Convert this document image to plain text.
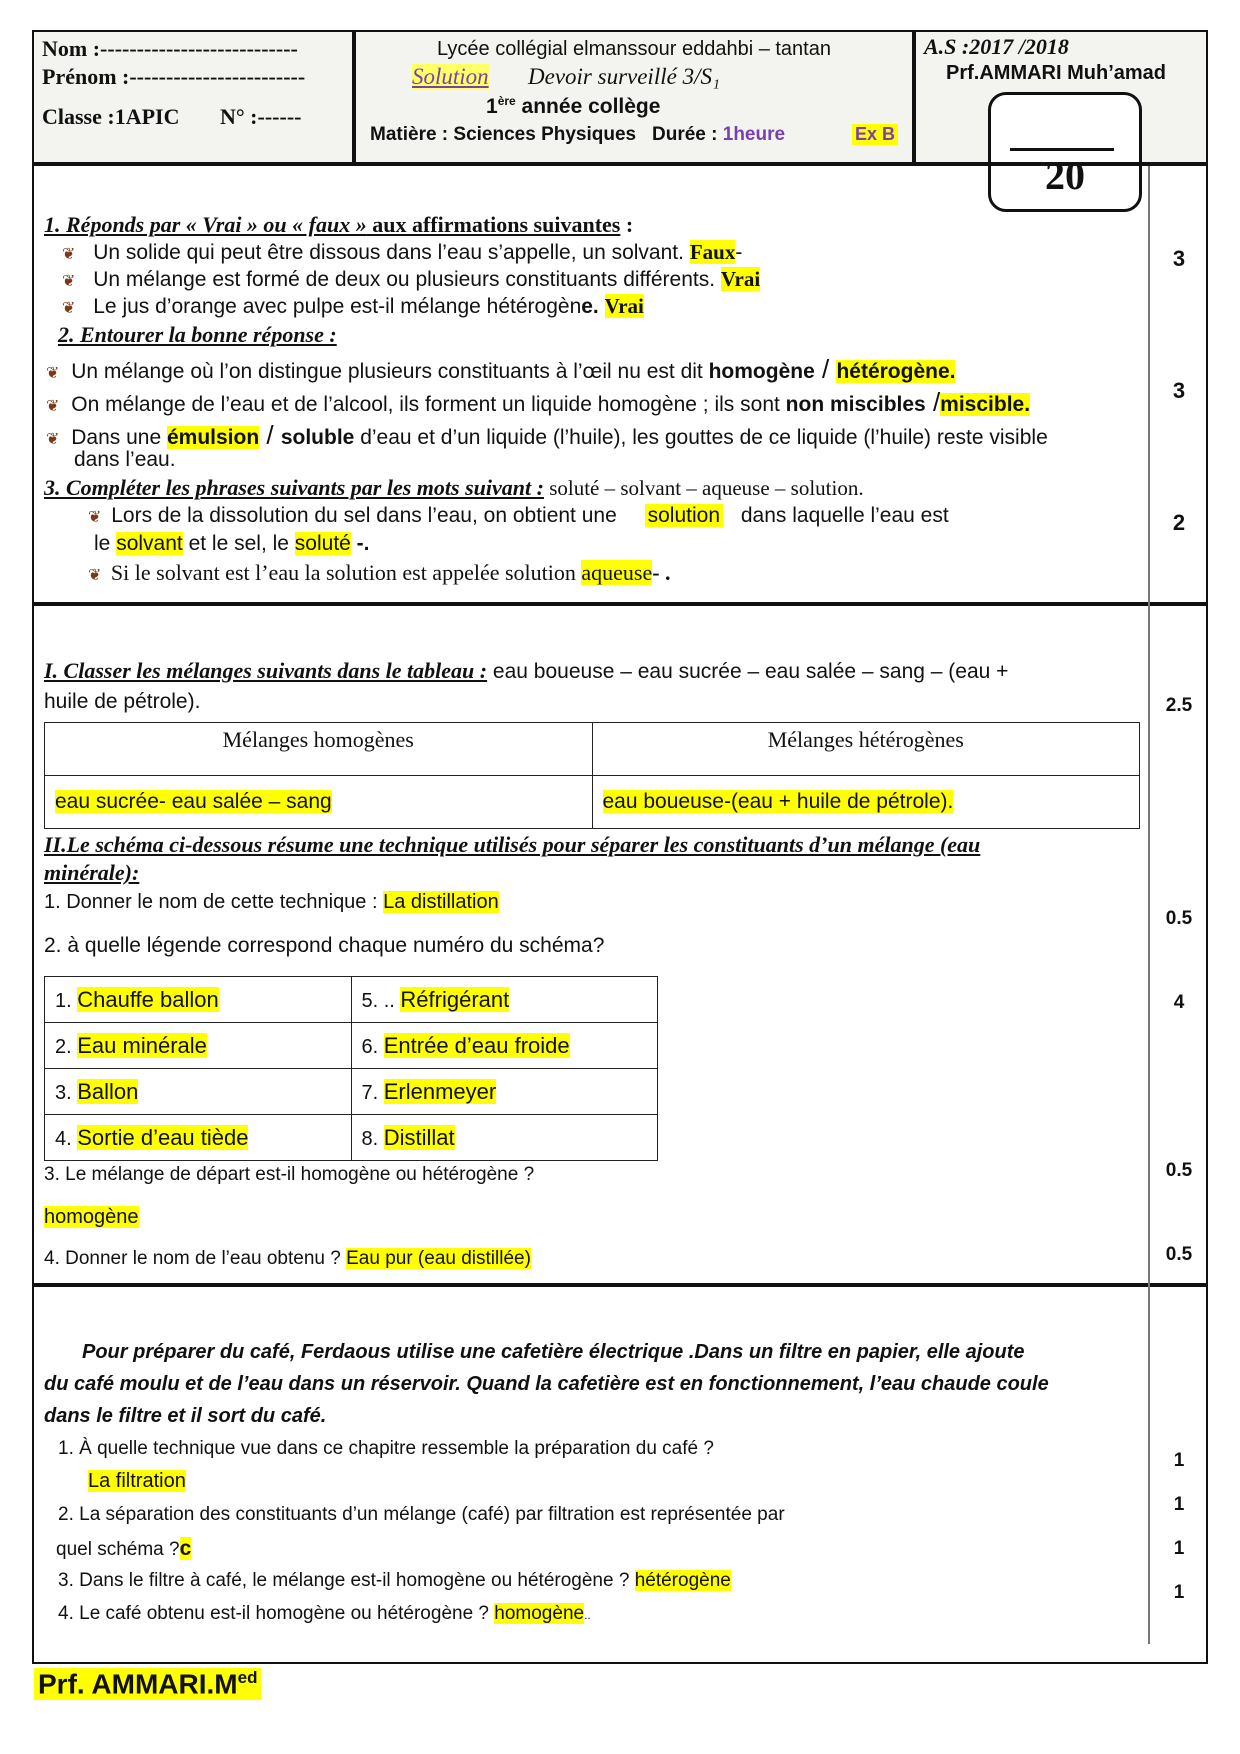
Nom :---------------------------
Prénom :------------------------
Classe :1APIC N° :------
Lycée collégial elmanssour eddahbi – tantan
Solution Devoir surveillé 3/S₁
1ère année collège
Matière : Sciences Physiques Durée : 1heure	Ex B
A.S :2017 /2018
Prf.AMMARI Muh’amad
20
1. Réponds par « Vrai » ou « faux » aux affirmations suivantes :
❦ Un solide qui peut être dissous dans l’eau s’appelle, un solvant. Faux-
❦ Un mélange est formé de deux ou plusieurs constituants différents. Vrai
❦ Le jus d’orange avec pulpe est-il mélange hétérogène. Vrai
2. Entourer la bonne réponse :
❦ Un mélange où l’on distingue plusieurs constituants à l’œil nu est dit homogène / hétérogène.
❦ On mélange de l’eau et de l’alcool, ils forment un liquide homogène ; ils sont non miscibles /miscible.
❦ Dans une émulsion / soluble d’eau et d’un liquide (l’huile), les gouttes de ce liquide (l’huile) reste visible
dans l’eau.
3. Compléter les phrases suivants par les mots suivant : soluté – solvant – aqueuse – solution.
❦ Lors de la dissolution du sel dans l’eau, on obtient une solution dans laquelle l’eau est
le solvant et le sel, le soluté -.
❦ Si le solvant est l’eau la solution est appelée solution aqueuse- .
3
3
2
I. Classer les mélanges suivants dans le tableau : eau boueuse – eau sucrée – eau salée – sang – (eau +
huile de pétrole).
Mélanges homogènes	Mélanges hétérogènes
eau sucrée- eau salée – sang	eau boueuse-(eau + huile de pétrole).
II.Le schéma ci-dessous résume une technique utilisés pour séparer les constituants d’un mélange (eau
minérale):
1. Donner le nom de cette technique : La distillation
2. à quelle légende correspond chaque numéro du schéma?
1. Chauffe ballon	5. .. Réfrigérant
2. Eau minérale	6. Entrée d’eau froide
3. Ballon	7. Erlenmeyer
4. Sortie d’eau tiède	8. Distillat
3. Le mélange de départ est-il homogène ou hétérogène ?
homogène
4. Donner le nom de l’eau obtenu ? Eau pur (eau distillée)
2.5
0.5
4
0.5
0.5
Pour préparer du café, Ferdaous utilise une cafetière électrique .Dans un filtre en papier, elle ajoute
du café moulu et de l’eau dans un réservoir. Quand la cafetière est en fonctionnement, l’eau chaude coule
dans le filtre et il sort du café.
1. À quelle technique vue dans ce chapitre ressemble la préparation du café ?
La filtration
2. La séparation des constituants d’un mélange (café) par filtration est représentée par
quel schéma ?c
3. Dans le filtre à café, le mélange est-il homogène ou hétérogène ? hétérogène
4. Le café obtenu est-il homogène ou hétérogène ? homogène..
1
1
1
1
Prf. $AMMARI.M^{ed}$
